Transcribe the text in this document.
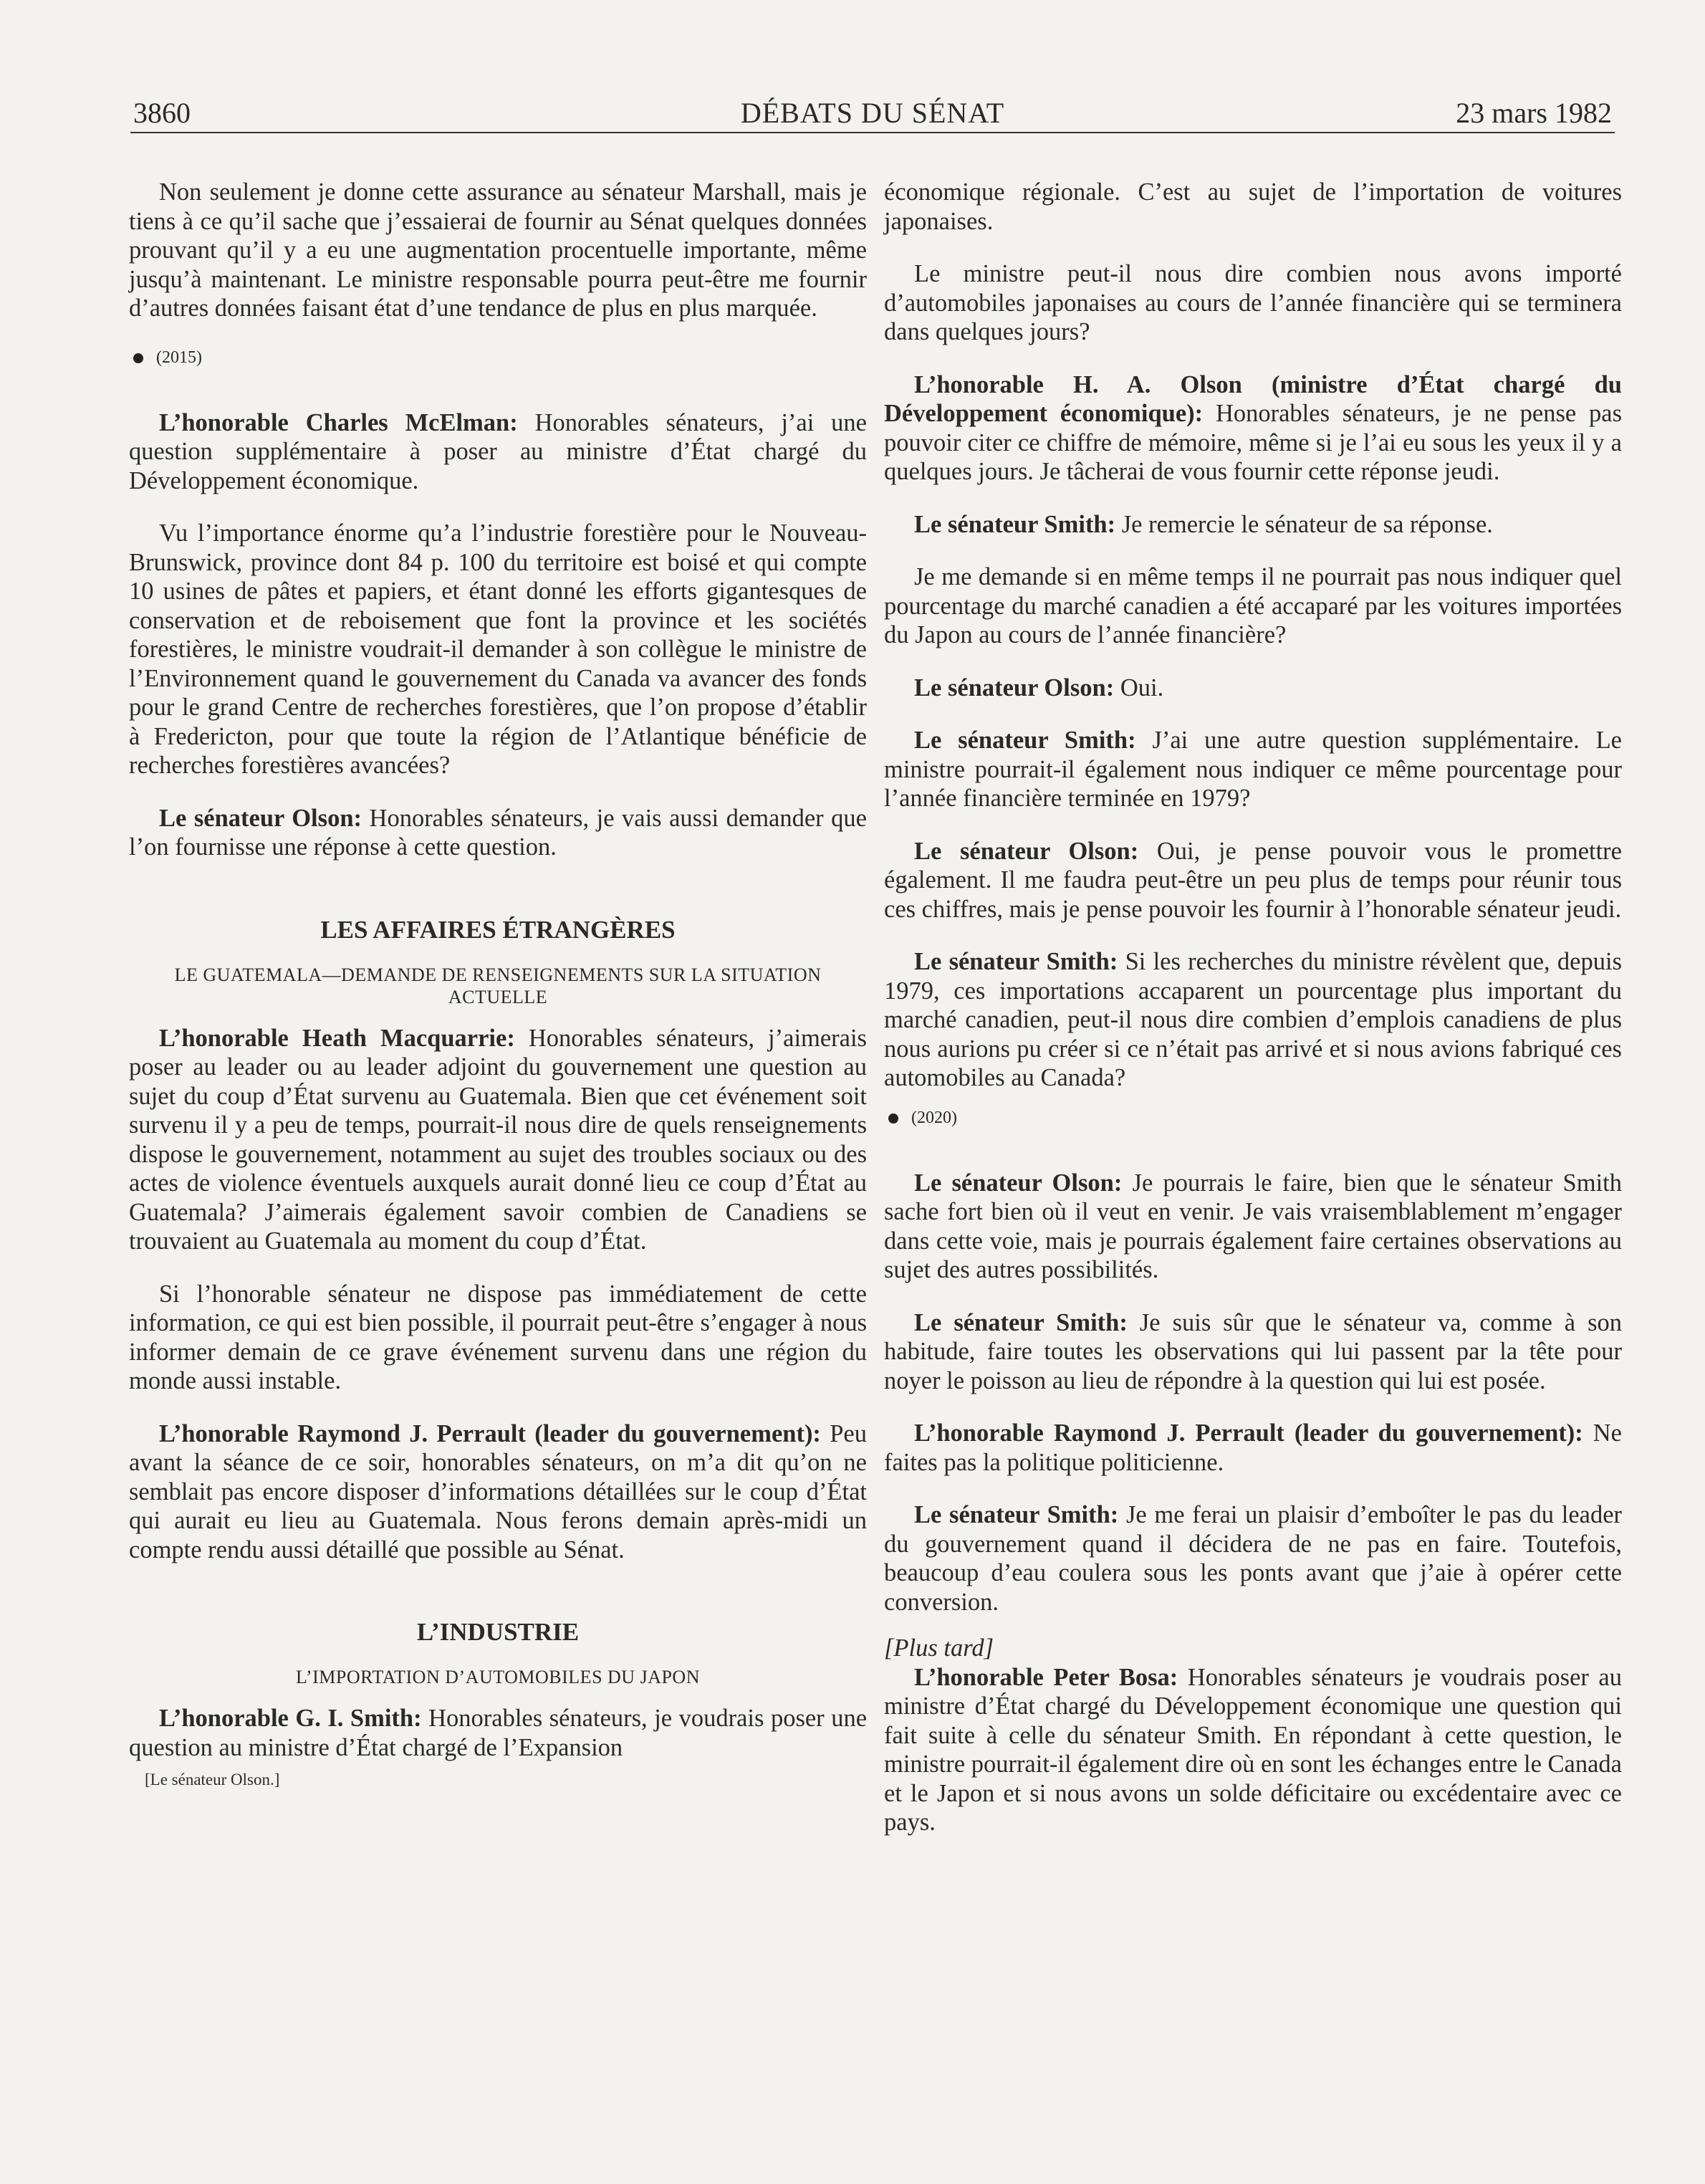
3860	DÉBATS DU SÉNAT	23 mars 1982

Non seulement je donne cette assurance au sénateur Marshall, mais je tiens à ce qu’il sache que j’essaierai de fournir au Sénat quelques données prouvant qu’il y a eu une augmentation procentuelle importante, même jusqu’à maintenant. Le ministre responsable pourra peut-être me fournir d’autres données faisant état d’une tendance de plus en plus marquée.

(2015)

L’honorable Charles McElman: Honorables sénateurs, j’ai une question supplémentaire à poser au ministre d’État chargé du Développement économique.

Vu l’importance énorme qu’a l’industrie forestière pour le Nouveau-Brunswick, province dont 84 p. 100 du territoire est boisé et qui compte 10 usines de pâtes et papiers, et étant donné les efforts gigantesques de conservation et de reboisement que font la province et les sociétés forestières, le ministre voudrait-il demander à son collègue le ministre de l’Environnement quand le gouvernement du Canada va avancer des fonds pour le grand Centre de recherches forestières, que l’on propose d’établir à Fredericton, pour que toute la région de l’Atlantique bénéficie de recherches forestières avancées?

Le sénateur Olson: Honorables sénateurs, je vais aussi demander que l’on fournisse une réponse à cette question.

LES AFFAIRES ÉTRANGÈRES
LE GUATEMALA—DEMANDE DE RENSEIGNEMENTS SUR LA SITUATION ACTUELLE

L’honorable Heath Macquarrie: Honorables sénateurs, j’aimerais poser au leader ou au leader adjoint du gouvernement une question au sujet du coup d’État survenu au Guatemala. Bien que cet événement soit survenu il y a peu de temps, pourrait-il nous dire de quels renseignements dispose le gouvernement, notamment au sujet des troubles sociaux ou des actes de violence éventuels auxquels aurait donné lieu ce coup d’État au Guatemala? J’aimerais également savoir combien de Canadiens se trouvaient au Guatemala au moment du coup d’État.

Si l’honorable sénateur ne dispose pas immédiatement de cette information, ce qui est bien possible, il pourrait peut-être s’engager à nous informer demain de ce grave événement survenu dans une région du monde aussi instable.

L’honorable Raymond J. Perrault (leader du gouvernement): Peu avant la séance de ce soir, honorables sénateurs, on m’a dit qu’on ne semblait pas encore disposer d’informations détaillées sur le coup d’État qui aurait eu lieu au Guatemala. Nous ferons demain après-midi un compte rendu aussi détaillé que possible au Sénat.

L’INDUSTRIE
L’IMPORTATION D’AUTOMOBILES DU JAPON

L’honorable G. I. Smith: Honorables sénateurs, je voudrais poser une question au ministre d’État chargé de l’Expansion

[Le sénateur Olson.]

économique régionale. C’est au sujet de l’importation de voitures japonaises.

Le ministre peut-il nous dire combien nous avons importé d’automobiles japonaises au cours de l’année financière qui se terminera dans quelques jours?

L’honorable H. A. Olson (ministre d’État chargé du Développement économique): Honorables sénateurs, je ne pense pas pouvoir citer ce chiffre de mémoire, même si je l’ai eu sous les yeux il y a quelques jours. Je tâcherai de vous fournir cette réponse jeudi.

Le sénateur Smith: Je remercie le sénateur de sa réponse.

Je me demande si en même temps il ne pourrait pas nous indiquer quel pourcentage du marché canadien a été accaparé par les voitures importées du Japon au cours de l’année financière?

Le sénateur Olson: Oui.

Le sénateur Smith: J’ai une autre question supplémentaire. Le ministre pourrait-il également nous indiquer ce même pourcentage pour l’année financière terminée en 1979?

Le sénateur Olson: Oui, je pense pouvoir vous le promettre également. Il me faudra peut-être un peu plus de temps pour réunir tous ces chiffres, mais je pense pouvoir les fournir à l’honorable sénateur jeudi.

Le sénateur Smith: Si les recherches du ministre révèlent que, depuis 1979, ces importations accaparent un pourcentage plus important du marché canadien, peut-il nous dire combien d’emplois canadiens de plus nous aurions pu créer si ce n’était pas arrivé et si nous avions fabriqué ces automobiles au Canada?

(2020)

Le sénateur Olson: Je pourrais le faire, bien que le sénateur Smith sache fort bien où il veut en venir. Je vais vraisemblablement m’engager dans cette voie, mais je pourrais également faire certaines observations au sujet des autres possibilités.

Le sénateur Smith: Je suis sûr que le sénateur va, comme à son habitude, faire toutes les observations qui lui passent par la tête pour noyer le poisson au lieu de répondre à la question qui lui est posée.

L’honorable Raymond J. Perrault (leader du gouvernement): Ne faites pas la politique politicienne.

Le sénateur Smith: Je me ferai un plaisir d’emboîter le pas du leader du gouvernement quand il décidera de ne pas en faire. Toutefois, beaucoup d’eau coulera sous les ponts avant que j’aie à opérer cette conversion.

[Plus tard]

L’honorable Peter Bosa: Honorables sénateurs je voudrais poser au ministre d’État chargé du Développement économique une question qui fait suite à celle du sénateur Smith. En répondant à cette question, le ministre pourrait-il également dire où en sont les échanges entre le Canada et le Japon et si nous avons un solde déficitaire ou excédentaire avec ce pays.
